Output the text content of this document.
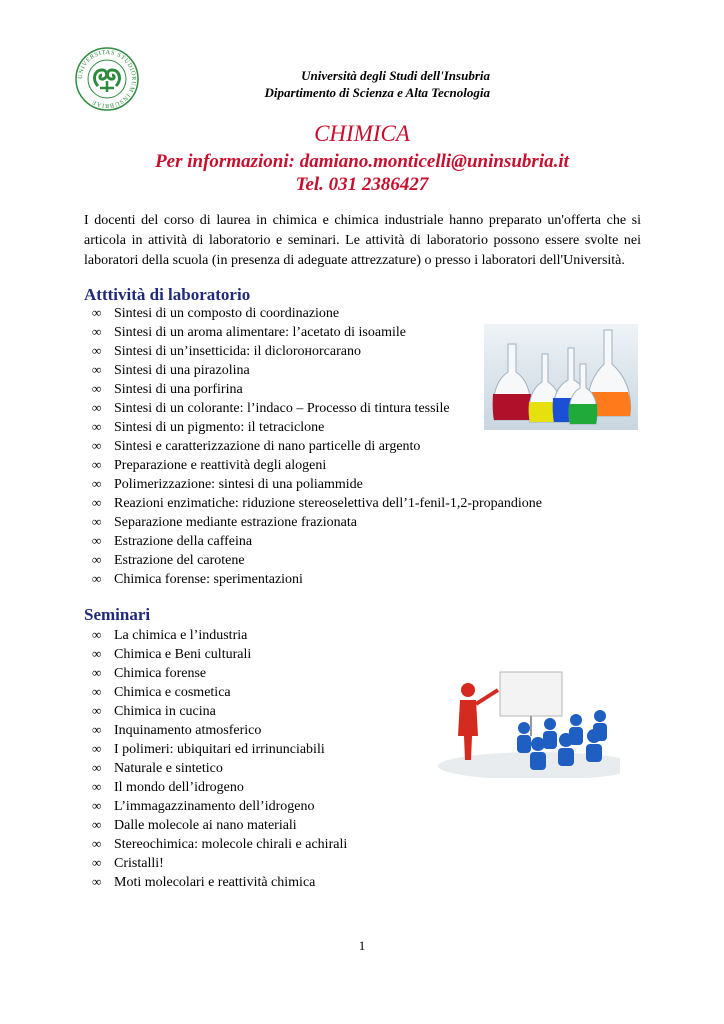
UNIVERSITAS STUDIORUM INSUBRIAE
Università degli Studi dell'Insubria
Dipartimento di Scienza e Alta Tecnologia
CHIMICA
Per informazioni: damiano.monticelli@uninsubria.it
Tel. 031 2386427

I docenti del corso di laurea in chimica e chimica industriale hanno preparato un'offerta che si articola in attività di laboratorio e seminari. Le attività di laboratorio possono essere svolte nei laboratori della scuola (in presenza di adeguate attrezzature) o presso i laboratori dell'Università.

Atttività di laboratorio
∞ Sintesi di un composto di coordinazione
∞ Sintesi di un aroma alimentare: l’acetato di isoamile
∞ Sintesi di un’insetticida: il diclorонorcarano
∞ Sintesi di una pirazolina
∞ Sintesi di una porfirina
∞ Sintesi di un colorante: l’indaco – Processo di tintura tessile
∞ Sintesi di un pigmento: il tetraciclone
∞ Sintesi e caratterizzazione di nano particelle di argento
∞ Preparazione e reattività degli alogeni
∞ Polimerizzazione: sintesi di una poliammide
∞ Reazioni enzimatiche: riduzione stereoselettiva dell’1-fenil-1,2-propandione
∞ Separazione mediante estrazione frazionata
∞ Estrazione della caffeina
∞ Estrazione del carotene
∞ Chimica forense: sperimentazioni
Seminari
∞ La chimica e l’industria
∞ Chimica e Beni culturali
∞ Chimica forense
∞ Chimica e cosmetica
∞ Chimica in cucina
∞ Inquinamento atmosferico
∞ I polimeri: ubiquitari ed irrinunciabili
∞ Naturale e sintetico
∞ Il mondo dell’idrogeno
∞ L’immagazzinamento dell’idrogeno
∞ Dalle molecole ai nano materiali
∞ Stereochimica: molecole chirali e achirali
∞ Cristalli!
∞ Moti molecolari e reattività chimica
1
